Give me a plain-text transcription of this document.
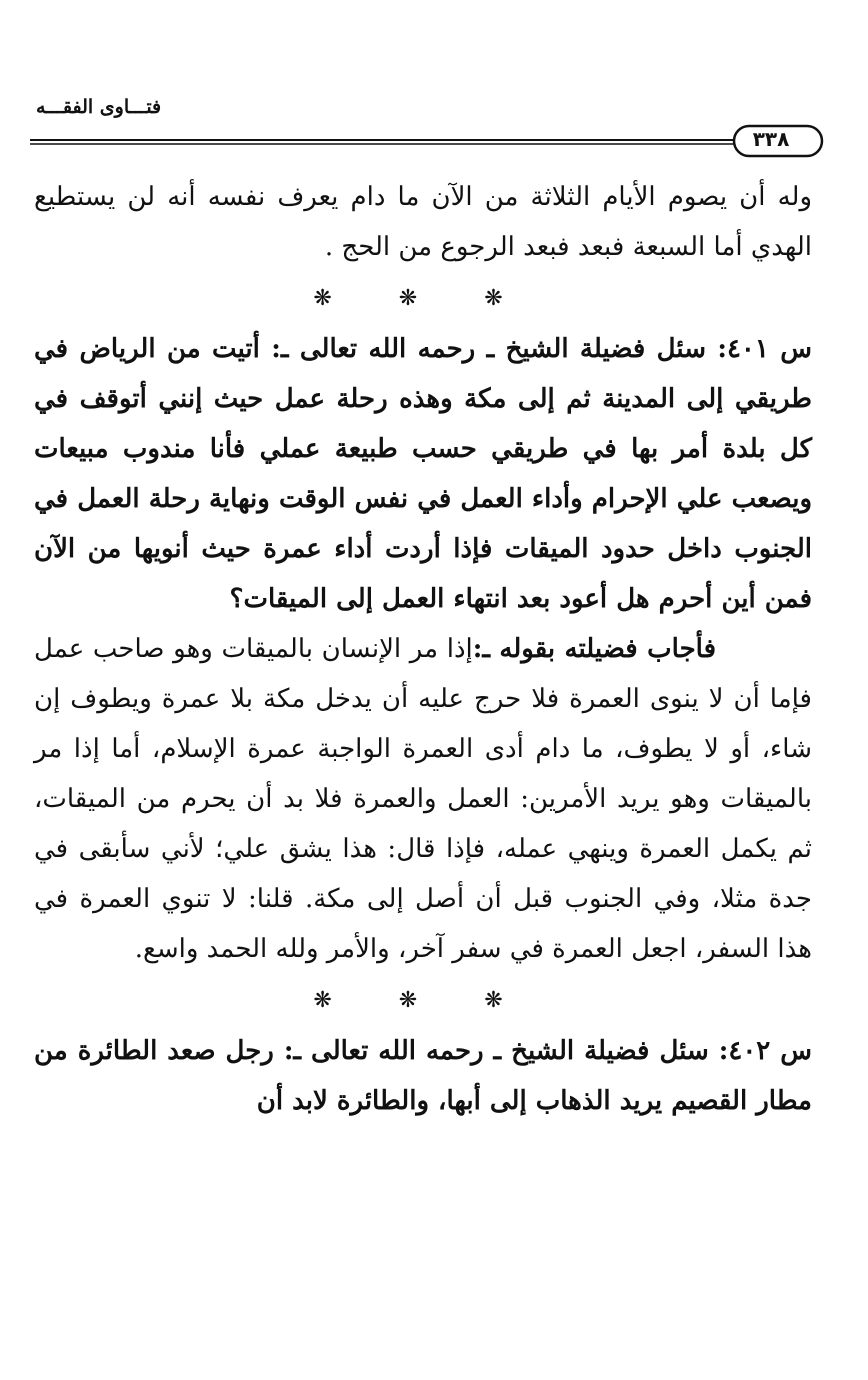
فتـــاوى الفقـــه
٣٣٨

وله أن يصوم الأيام الثلاثة من الآن ما دام يعرف نفسه أنه لن يستطيع الهدي أما السبعة فبعد فبعد الرجوع من الحج .

❋ ❋ ❋

س ٤٠١: سئل فضيلة الشيخ ـ رحمه الله تعالى ـ: أتيت من الرياض في طريقي إلى المدينة ثم إلى مكة وهذه رحلة عمل حيث إنني أتوقف في كل بلدة أمر بها في طريقي حسب طبيعة عملي فأنا مندوب مبيعات ويصعب علي الإحرام وأداء العمل في نفس الوقت ونهاية رحلة العمل في الجنوب داخل حدود الميقات فإذا أردت أداء عمرة حيث أنويها من الآن فمن أين أحرم هل أعود بعد انتهاء العمل إلى الميقات؟

فأجاب فضيلته بقوله ـ:إذا مر الإنسان بالميقات وهو صاحب عمل فإما أن لا ينوى العمرة فلا حرج عليه أن يدخل مكة بلا عمرة ويطوف إن شاء، أو لا يطوف، ما دام أدى العمرة الواجبة عمرة الإسلام، أما إذا مر بالميقات وهو يريد الأمرين: العمل والعمرة فلا بد أن يحرم من الميقات، ثم يكمل العمرة وينهي عمله، فإذا قال: هذا يشق علي؛ لأني سأبقى في جدة مثلا، وفي الجنوب قبل أن أصل إلى مكة. قلنا: لا تنوي العمرة في هذا السفر، اجعل العمرة في سفر آخر، والأمر ولله الحمد واسع.

❋ ❋ ❋

س ٤٠٢: سئل فضيلة الشيخ ـ رحمه الله تعالى ـ: رجل صعد الطائرة من مطار القصيم يريد الذهاب إلى أبها، والطائرة لابد أن
